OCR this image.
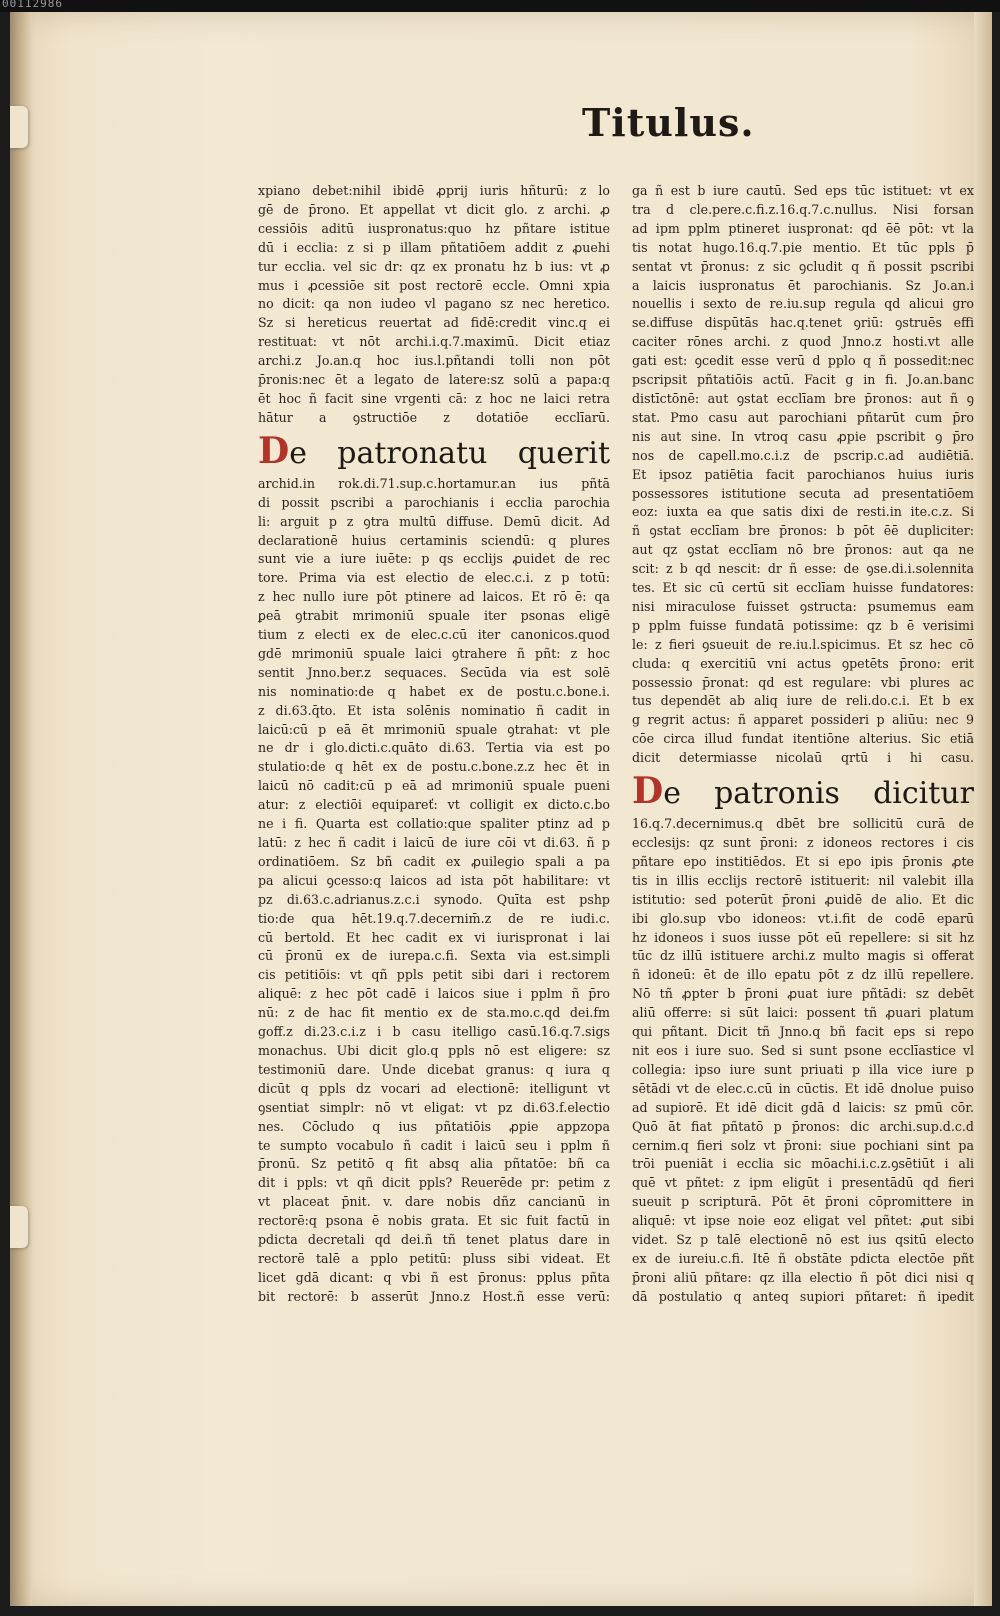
00112986
Titulus.

xpiano debet:nihil ibidē ꝓprij iuris hñturū: z lo

gē de p̄rono. Et appellat vt dicit glo. z archi. ꝓ

cessiōis aditū iuspronatus:quo hz pñtare istitue

dū i ecclia: z si p illam pñtatiōem addit z ꝓuehi

tur ecclia. vel sic dr: qz ex pronatu hz b ius: vt ꝓ

mus i ꝓcessiōe sit post rectorē eccle. Omni xpia

no dicit: qa non iudeo vl pagano sz nec heretico.

Sz si hereticus reuertat ad fidē:credit vinc.q ei

restituat: vt nōt archi.i.q.7.maximū. Dicit etiaz

archi.z Jo.an.q hoc ius.l.pñtandi tolli non pōt

p̄ronis:nec ēt a legato de latere:sz solū a papa:q

ēt hoc ñ facit sine vrgenti cā: z hoc ne laici retra

hātur a ꝯstructiōe z dotatiōe ecclīarū.

De patronatu querit

archid.in rok.di.71.sup.c.hortamur.an ius pñtā

di possit pscribi a parochianis i ecclia parochia

li: arguit p z ꝯtra multū diffuse. Demū dicit. Ad

declarationē huius certaminis sciendū: q plures

sunt vie a iure iuēte: p qs ecclijs ꝓuidet de rec

tore. Prima via est electio de elec.c.i. z p totū:

z hec nullo iure pōt ptinere ad laicos. Et rō ē: qa

ꝑeā ꝯtrabit mrimoniū spuale iter psonas eligē

tium z electi ex de elec.c.cū iter canonicos.quod

gdē mrimoniū spuale laici ꝯtrahere ñ pñt: z hoc

sentit Jnno.ber.z sequaces. Secūda via est solē

nis nominatio:de q habet ex de postu.c.bone.i.

z di.63.q̄to. Et ista solēnis nominatio ñ cadit in

laicū:cū p eā ēt mrimoniū spuale ꝯtrahat: vt ple

ne dr i glo.dicti.c.quāto di.63. Tertia via est po

stulatio:de q hēt ex de postu.c.bone.z.z hec ēt in

laicū nō cadit:cū p eā ad mrimoniū spuale pueni

atur: z electiōi equipareť: vt colligit ex dicto.c.bo

ne i fi. Quarta est collatio:que spaliter ptinz ad p

latū: z hec ñ cadit i laicū de iure cōi vt di.63. ñ p

ordinatiōem. Sz bñ cadit ex ꝓuilegio spali a pa

pa alicui ꝯcesso:q laicos ad ista pōt habilitare: vt

pz di.63.c.adrianus.z.c.i synodo. Quīta est pshp

tio:de qua hēt.19.q.7.decernim̄.z de re iudi.c.

cū bertold. Et hec cadit ex vi iurispronat i lai

cū p̄ronū ex de iurepa.c.fi. Sexta via est.simpli

cis petitiōis: vt qñ ppls petit sibi dari i rectorem

aliquē: z hec pōt cadē i laicos siue i pplm ñ p̄ro

nū: z de hac fit mentio ex de sta.mo.c.qd dei.fm

goff.z di.23.c.i.z i b casu itelligo casū.16.q.7.sigs

monachus. Ubi dicit glo.q ppls nō est eligere: sz

testimoniū dare. Unde dicebat granus: q iura q

dicūt q ppls dz vocari ad electionē: itelligunt vt

ꝯsentiat simplr: nō vt eligat: vt pz di.63.f.electio

nes. Cōcludo q ius pñtatiōis ꝓpie appzopa

te sumpto vocabulo ñ cadit i laicū seu i pplm ñ

p̄ronū. Sz petitō q fit absq alia pñtatōe: bñ ca

dit i ppls: vt qñ dicit ppls? Reuerēde pr: petim z

vt placeat p̄nit. v. dare nobis dñz cancianū in

rectorē:q psona ē nobis grata. Et sic fuit factū in

pdicta decretali qd dei.ñ tñ tenet platus dare in

rectorē talē a pplo petitū: pluss sibi videat. Et

licet gdā dicant: q vbi ñ est p̄ronus: pplus pñta

bit rectorē: b asserūt Jnno.z Host.ñ esse verū:

ga ñ est b iure cautū. Sed eps tūc istituet: vt ex

tra d cle.pere.c.fi.z.16.q.7.c.nullus. Nisi forsan

ad ipm pplm ptineret iuspronat: qd ēē pōt: vt la

tis notat hugo.16.q.7.pie mentio. Et tūc ppls p̄

sentat vt p̄ronus: z sic ꝯcludit q ñ possit pscribi

a laicis iuspronatus ēt parochianis. Sz Jo.an.i

nouellis i sexto de re.iu.sup regula qd alicui gro

se.diffuse dispūtās hac.q.tenet ꝯriū: ꝯstruēs effi

caciter rōnes archi. z quod Jnno.z hosti.vt alle

gati est: ꝯcedit esse verū d pplo q ñ possedit:nec

pscripsit pñtatiōis actū. Facit g in fi. Jo.an.banc

distīctōnē: aut ꝯstat ecclīam bre p̄ronos: aut ñ ꝯ

stat. Pmo casu aut parochiani pñtarūt cum p̄ro

nis aut sine. In vtroq casu ꝓpie pscribit ꝯ p̄ro

nos de capell.mo.c.i.z de pscrip.c.ad audiētiā.

Et ipsoz patiētia facit parochianos huius iuris

possessores istitutione secuta ad presentatiōem

eoz: iuxta ea que satis dixi de resti.in ite.c.z. Si

ñ ꝯstat ecclīam bre p̄ronos: b pōt ēē dupliciter:

aut qz ꝯstat ecclīam nō bre p̄ronos: aut qa ne

scit: z b qd nescit: dr ñ esse: de ꝯse.di.i.solennita

tes. Et sic cū certū sit ecclīam huisse fundatores:

nisi miraculose fuisset ꝯstructa: psumemus eam

p pplm fuisse fundatā potissime: qz b ē verisimi

le: z fieri ꝯsueuit de re.iu.l.spicimus. Et sz hec cō

cluda: q exercitiū vni actus ꝯpetēts p̄rono: erit

possessio p̄ronat: qd est regulare: vbi plures ac

tus dependēt ab aliq iure de reli.do.c.i. Et b ex

g regrit actus: ñ apparet possideri p aliūu: nec 9

cōe circa illud fundat itentiōne alterius. Sic etiā

dicit determiasse nicolaū qrtū i hi casu.

De patronis dicitur

16.q.7.decernimus.q dbēt bre sollicitū curā de

ecclesijs: qz sunt p̄roni: z idoneos rectores i cis

pñtare epo institiēdos. Et si epo ipis p̄ronis ꝓte

tis in illis ecclijs rectorē istituerit: nil valebit illa

istitutio: sed poterūt p̄roni ꝓuidē de alio. Et dic

ibi glo.sup vbo idoneos: vt.i.fit de codē eparū

hz idoneos i suos iusse pōt eū repellere: si sit hz

tūc dz illū istituere archi.z multo magis si offerat

ñ idoneū: ēt de illo epatu pōt z dz illū repellere.

Nō tñ ꝓpter b p̄roni ꝓuat iure pñtādi: sz debēt

aliū offerre: si sūt laici: possent tñ ꝓuari platum

qui pñtant. Dicit tñ Jnno.q bñ facit eps si repo

nit eos i iure suo. Sed si sunt psone ecclīastice vl

collegia: ipso iure sunt priuati p illa vice iure p

sētādi vt de elec.c.cū in cūctis. Et idē dnolue puiso

ad supiorē. Et idē dicit gdā d laicis: sz pmū cōr.

Quō āt fiat pñtatō p p̄ronos: dic archi.sup.d.c.d

cernim.q fieri solz vt p̄roni: siue pochiani sint pa

trōi pueniāt i ecclia sic mōachi.i.c.z.ꝯsētiūt i ali

quē vt pñtet: z ipm eligūt i presentādū qd fieri

sueuit p scripturā. Pōt ēt p̄roni cōpromittere in

aliquē: vt ipse noie eoz eligat vel pñtet: ꝓut sibi

videt. Sz p talē electionē nō est ius qsitū electo

ex de iureiu.c.fi. Itē ñ obstāte pdicta electōe pñt

p̄roni aliū pñtare: qz illa electio ñ pōt dici nisi q

dā postulatio q anteq supiori pñtaret: ñ ipedit
